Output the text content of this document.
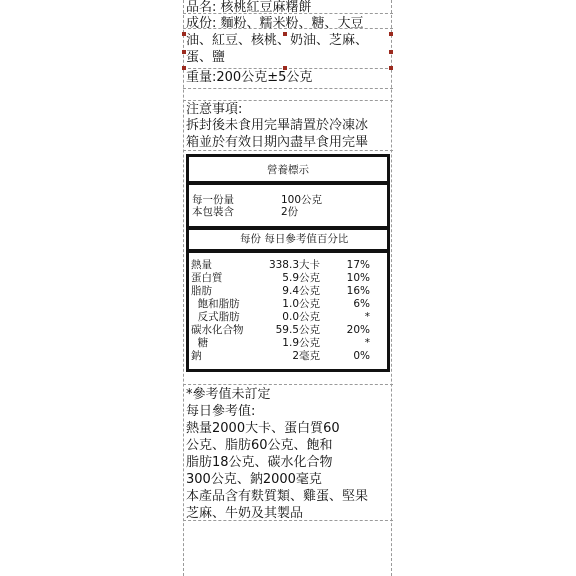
品名: 核桃紅豆麻糬餅
成份: 麵粉、糯米粉、糖、大豆
油、紅豆、核桃、奶油、芝麻、
蛋、鹽
重量:200公克±5公克
注意事項:
拆封後未食用完畢請置於冷凍冰
箱並於有效日期內盡早食用完畢
營養標示
每一份量	100公克
本包裝含	2份
每份 每日參考值百分比
熱量	338.3大卡	17%
蛋白質	5.9公克	10%
脂肪	9.4公克	16%
飽和脂肪	1.0公克	6%
反式脂肪	0.0公克	*
碳水化合物	59.5公克	20%
糖	1.9公克	*
鈉	2毫克	0%
*參考值未訂定
每日參考值:
熱量2000大卡、蛋白質60
公克、脂肪60公克、飽和
脂肪18公克、碳水化合物
300公克、鈉2000毫克
本產品含有麩質類、雞蛋、堅果
芝麻、牛奶及其製品
